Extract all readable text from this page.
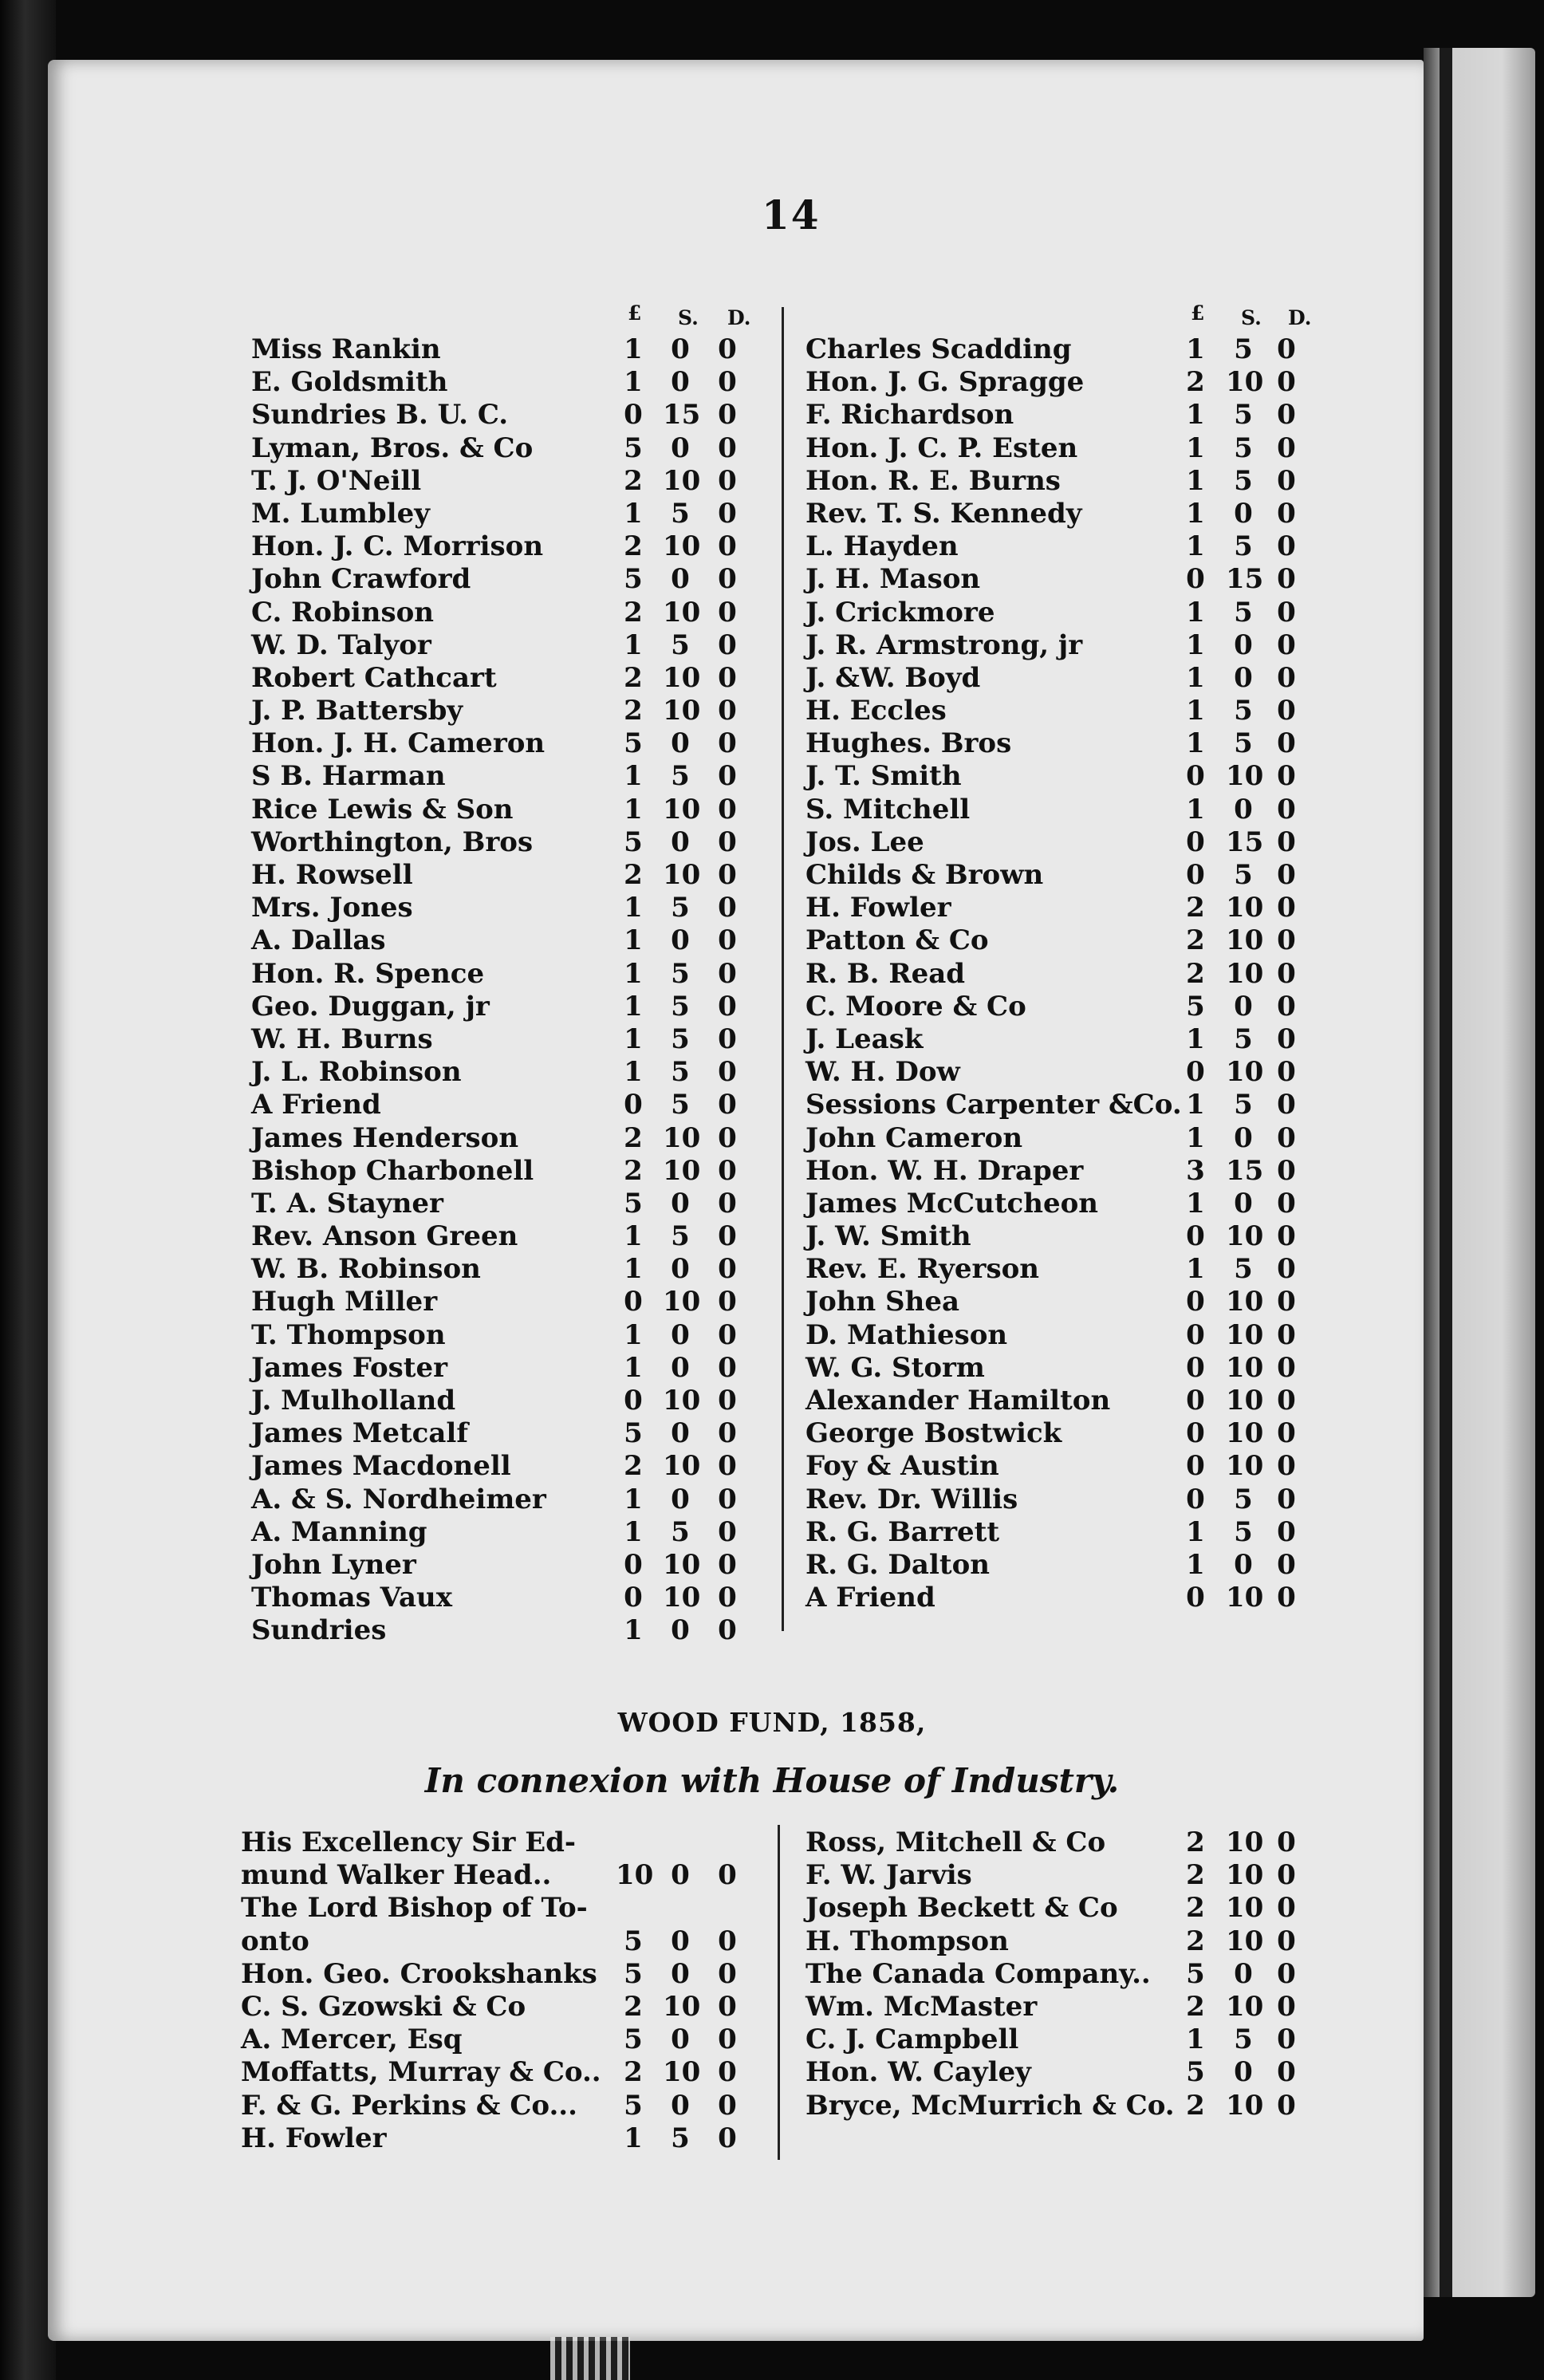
14
£ S. D.	£ S. D.
Miss Rankin	1 0 0
E. Goldsmith	1 0 0
Sundries B. U. C.	0 15 0
Lyman, Bros. & Co	5 0 0
T. J. O'Neill	2 10 0
M. Lumbley	1 5 0
Hon. J. C. Morrison	2 10 0
John Crawford	5 0 0
C. Robinson	2 10 0
W. D. Talyor	1 5 0
Robert Cathcart	2 10 0
J. P. Battersby	2 10 0
Hon. J. H. Cameron	5 0 0
S B. Harman	1 5 0
Rice Lewis & Son	1 10 0
Worthington, Bros	5 0 0
H. Rowsell	2 10 0
Mrs. Jones	1 5 0
A. Dallas	1 0 0
Hon. R. Spence	1 5 0
Geo. Duggan, jr	1 5 0
W. H. Burns	1 5 0
J. L. Robinson	1 5 0
A Friend	0 5 0
James Henderson	2 10 0
Bishop Charbonell	2 10 0
T. A. Stayner	5 0 0
Rev. Anson Green	1 5 0
W. B. Robinson	1 0 0
Hugh Miller	0 10 0
T. Thompson	1 0 0
James Foster	1 0 0
J. Mulholland	0 10 0
James Metcalf	5 0 0
James Macdonell	2 10 0
A. & S. Nordheimer	1 0 0
A. Manning	1 5 0
John Lyner	0 10 0
Thomas Vaux	0 10 0
Sundries	1 0 0
Charles Scadding	1 5 0
Hon. J. G. Spragge	2 10 0
F. Richardson	1 5 0
Hon. J. C. P. Esten	1 5 0
Hon. R. E. Burns	1 5 0
Rev. T. S. Kennedy	1 0 0
L. Hayden	1 5 0
J. H. Mason	0 15 0
J. Crickmore	1 5 0
J. R. Armstrong, jr	1 0 0
J. &W. Boyd	1 0 0
H. Eccles	1 5 0
Hughes. Bros	1 5 0
J. T. Smith	0 10 0
S. Mitchell	1 0 0
Jos. Lee	0 15 0
Childs & Brown	0 5 0
H. Fowler	2 10 0
Patton & Co	2 10 0
R. B. Read	2 10 0
C. Moore & Co	5 0 0
J. Leask	1 5 0
W. H. Dow	0 10 0
Sessions Carpenter &Co. 1 5 0
John Cameron	1 0 0
Hon. W. H. Draper	3 15 0
James McCutcheon	1 0 0
J. W. Smith	0 10 0
Rev. E. Ryerson	1 5 0
John Shea	0 10 0
D. Mathieson	0 10 0
W. G. Storm	0 10 0
Alexander Hamilton	0 10 0
George Bostwick	0 10 0
Foy & Austin	0 10 0
Rev. Dr. Willis	0 5 0
R. G. Barrett	1 5 0
R. G. Dalton	1 0 0
A Friend	0 10 0
WOOD FUND, 1858,
In connexion with House of Industry.
His Excellency Sir Ed-
mund Walker Head.. 10 0 0
The Lord Bishop of To-
onto	5 0 0
Hon. Geo. Crookshanks 5 0 0
C. S. Gzowski & Co	2 10 0
A. Mercer, Esq	5 0 0
Moffatts, Murray & Co.. 2 10 0
F. & G. Perkins & Co... 5 0 0
H. Fowler	1 5 0
Ross, Mitchell & Co	2 10 0
F. W. Jarvis	2 10 0
Joseph Beckett & Co	2 10 0
H. Thompson	2 10 0
The Canada Company.. 5 0 0
Wm. McMaster	2 10 0
C. J. Campbell	1 5 0
Hon. W. Cayley	5 0 0
Bryce, McMurrich & Co. 2 10 0
